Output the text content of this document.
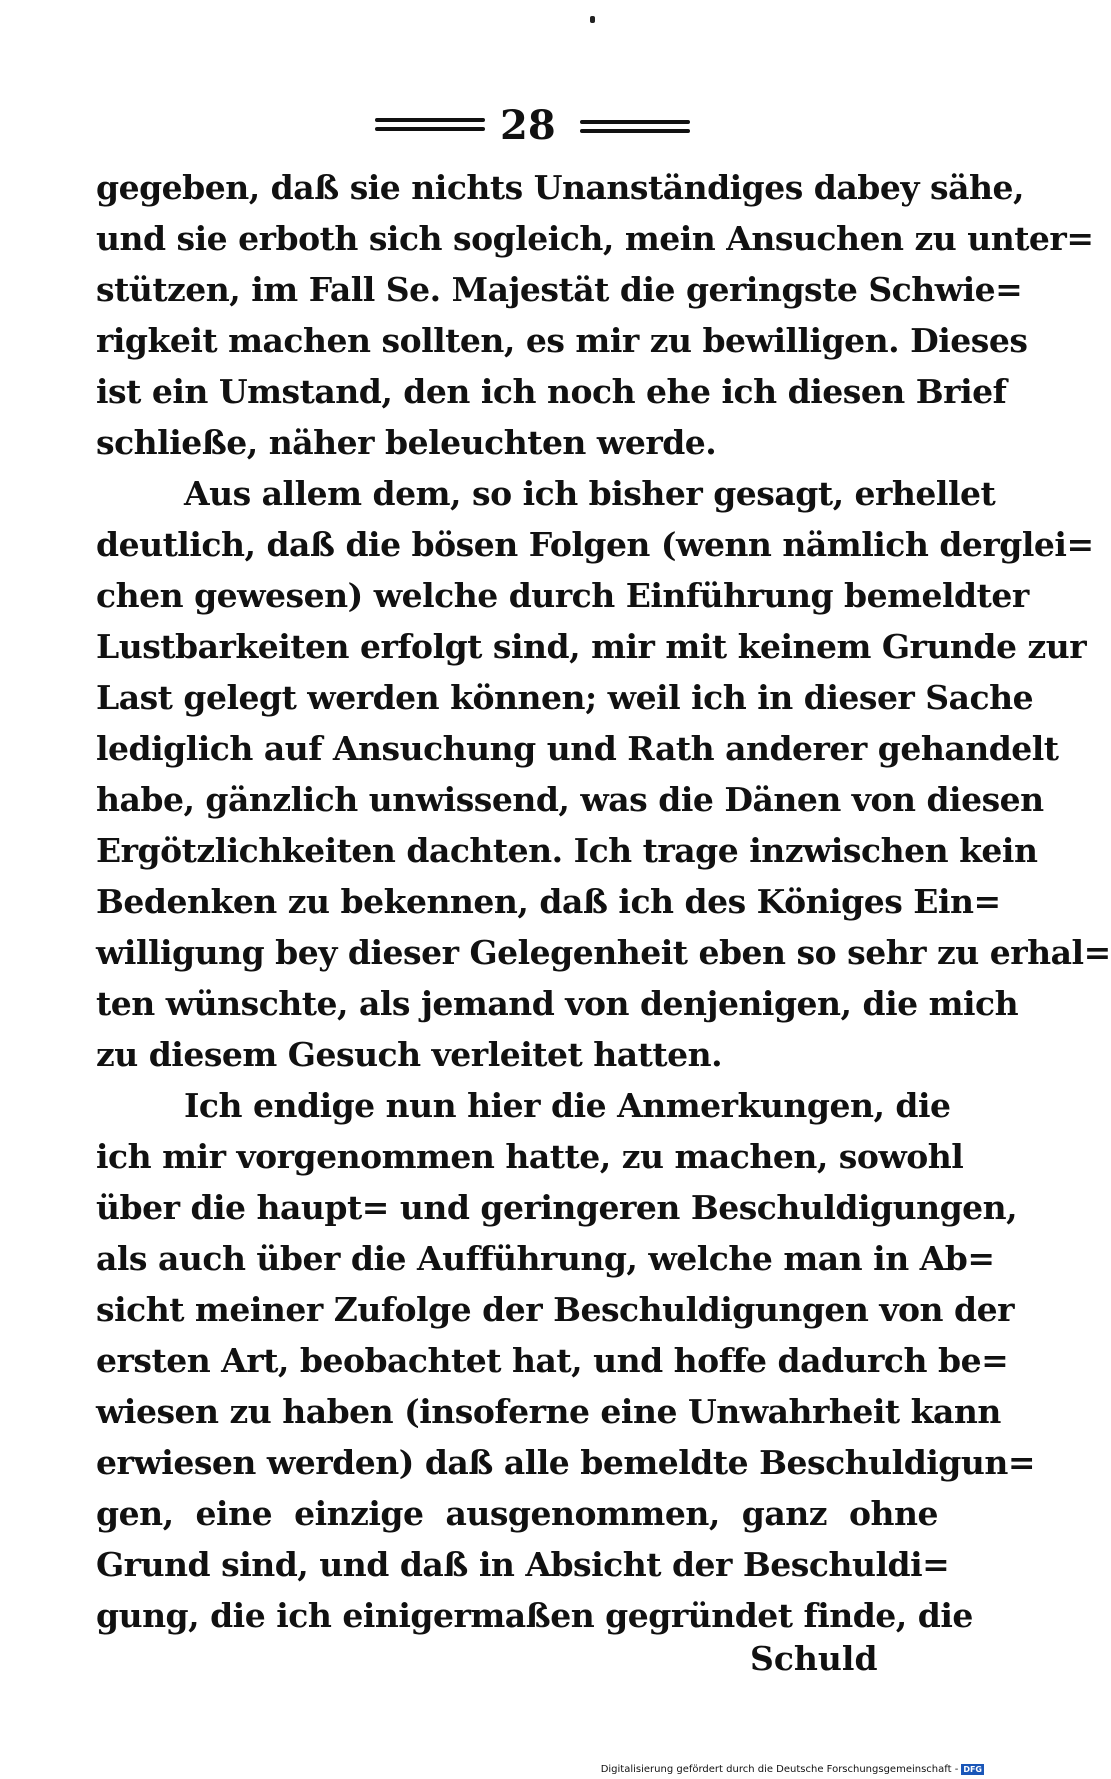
28
gegeben, daß sie nichts Unanständiges dabey sähe,
und sie erboth sich sogleich, mein Ansuchen zu unter=
stützen, im Fall Se. Majestät die geringste Schwie=
rigkeit machen sollten, es mir zu bewilligen. Dieses
ist ein Umstand, den ich noch ehe ich diesen Brief
schließe, näher beleuchten werde.
Aus allem dem, so ich bisher gesagt, erhellet
deutlich, daß die bösen Folgen (wenn nämlich derglei=
chen gewesen) welche durch Einführung bemeldter
Lustbarkeiten erfolgt sind, mir mit keinem Grunde zur
Last gelegt werden können; weil ich in dieser Sache
lediglich auf Ansuchung und Rath anderer gehandelt
habe, gänzlich unwissend, was die Dänen von diesen
Ergötzlichkeiten dachten. Ich trage inzwischen kein
Bedenken zu bekennen, daß ich des Königes Ein=
willigung bey dieser Gelegenheit eben so sehr zu erhal=
ten wünschte, als jemand von denjenigen, die mich
zu diesem Gesuch verleitet hatten.
Ich endige nun hier die Anmerkungen, die
ich mir vorgenommen hatte, zu machen, sowohl
über die haupt= und geringeren Beschuldigungen,
als auch über die Aufführung, welche man in Ab=
sicht meiner Zufolge der Beschuldigungen von der
ersten Art, beobachtet hat, und hoffe dadurch be=
wiesen zu haben (insoferne eine Unwahrheit kann
erwiesen werden) daß alle bemeldte Beschuldigun=
gen, eine einzige ausgenommen, ganz ohne
Grund sind, und daß in Absicht der Beschuldi=
gung, die ich einigermaßen gegründet finde, die
Schuld
Digitalisierung gefördert durch die Deutsche Forschungsgemeinschaft - DFG
